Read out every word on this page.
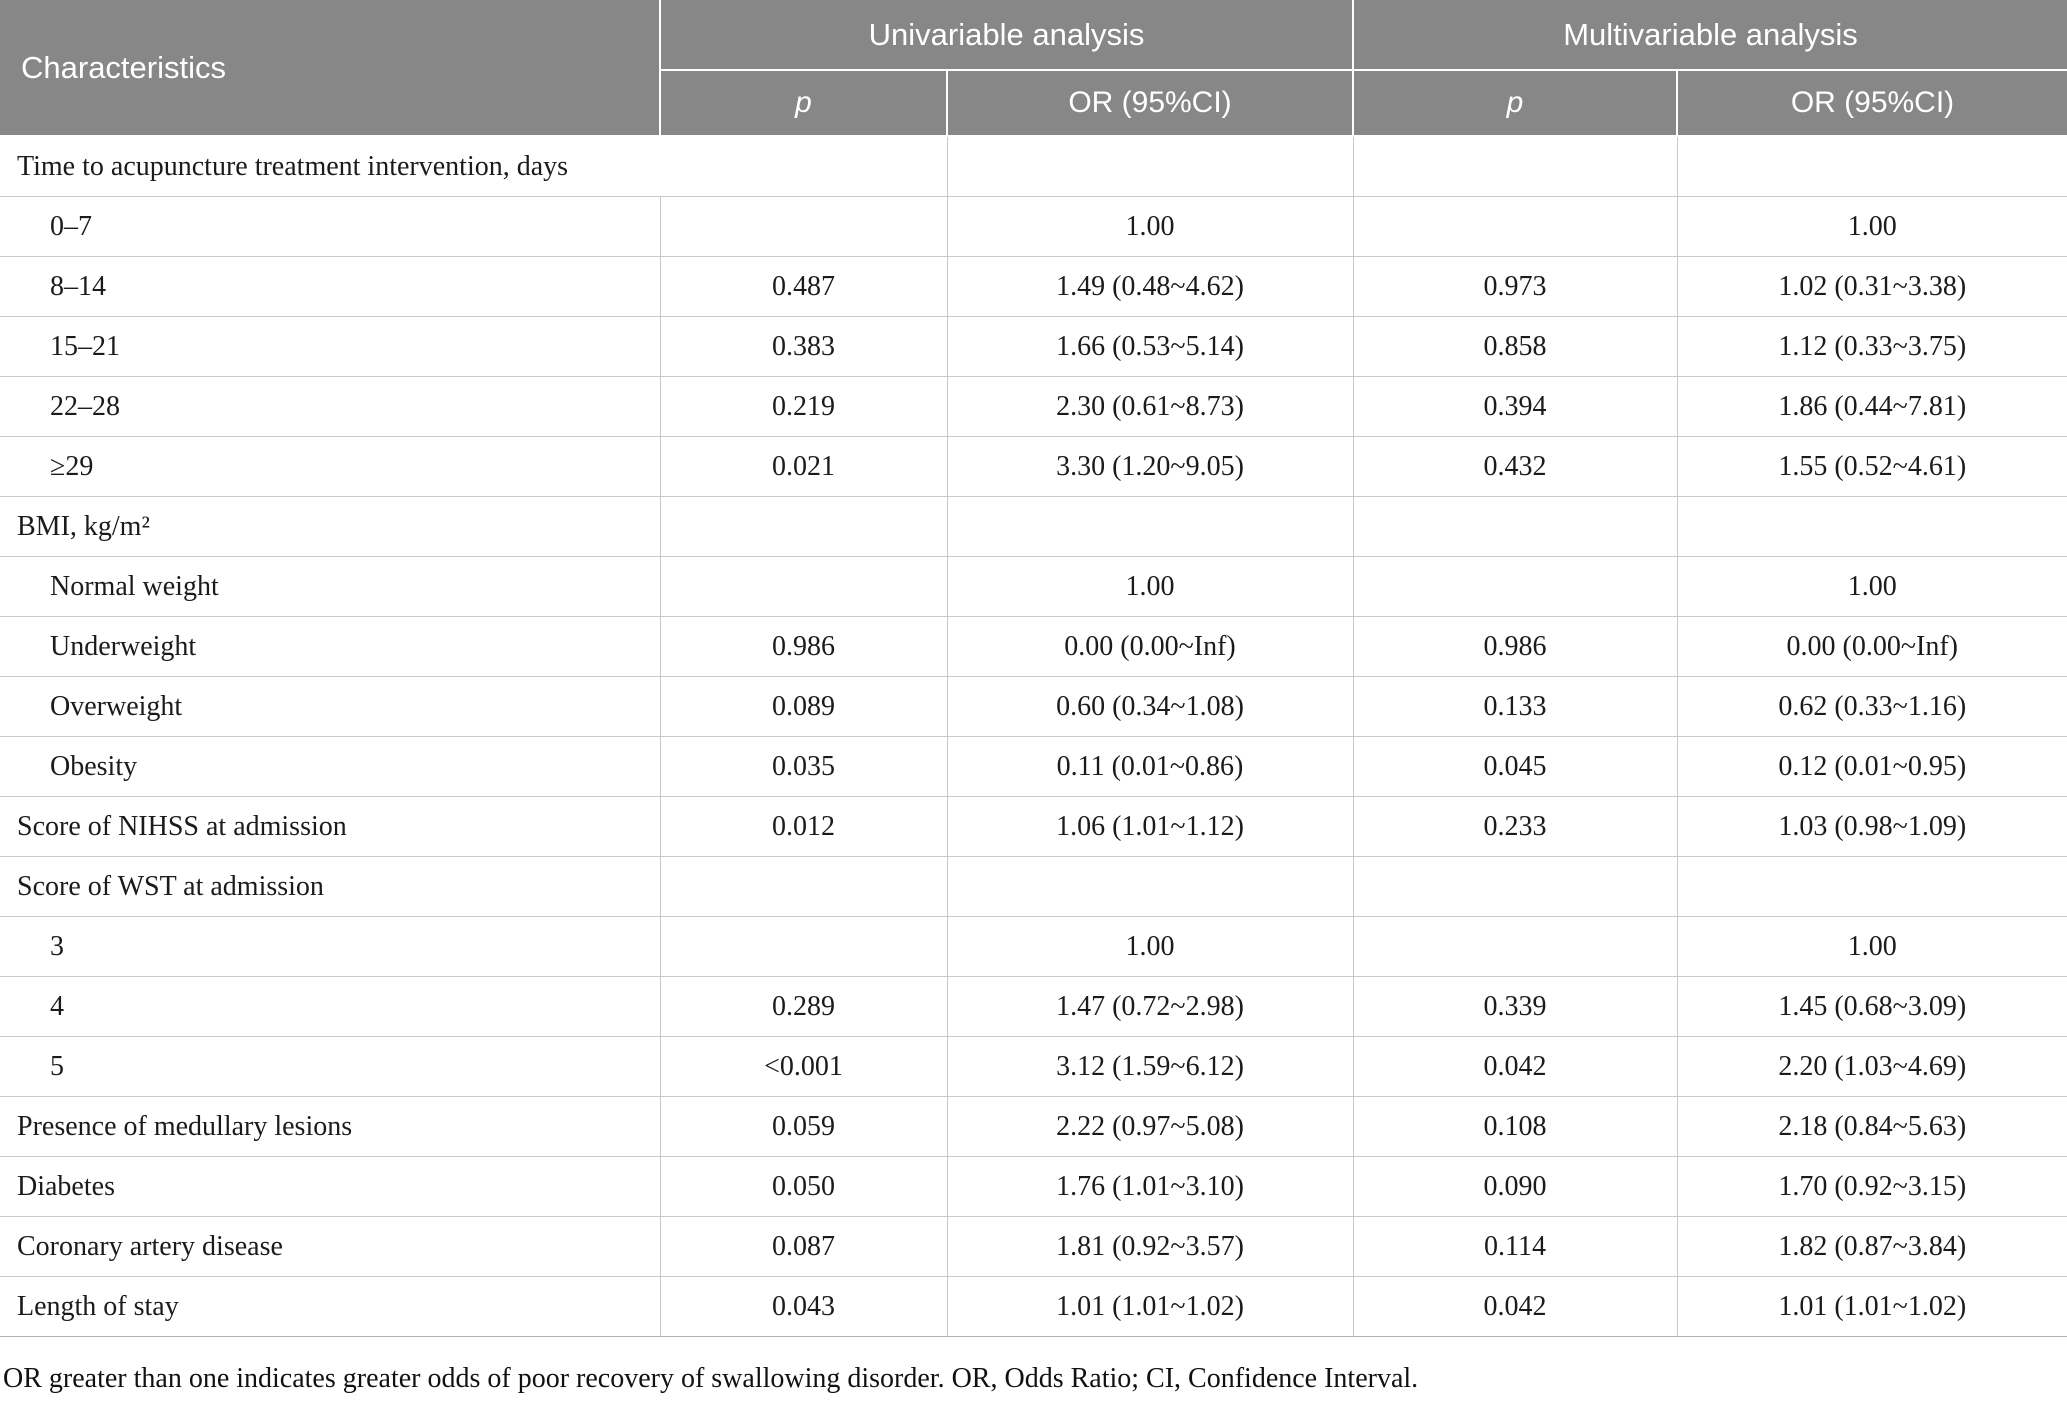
Characteristics	Univariable analysis		Multivariable analysis	
	p	OR (95%CI)	p	OR (95%CI)
Time to acupuncture treatment intervention, days				
0–7		1.00		1.00
8–14	0.487	1.49 (0.48~4.62)	0.973	1.02 (0.31~3.38)
15–21	0.383	1.66 (0.53~5.14)	0.858	1.12 (0.33~3.75)
22–28	0.219	2.30 (0.61~8.73)	0.394	1.86 (0.44~7.81)
≥29	0.021	3.30 (1.20~9.05)	0.432	1.55 (0.52~4.61)
BMI, kg/m²				
Normal weight		1.00		1.00
Underweight	0.986	0.00 (0.00~Inf)	0.986	0.00 (0.00~Inf)
Overweight	0.089	0.60 (0.34~1.08)	0.133	0.62 (0.33~1.16)
Obesity	0.035	0.11 (0.01~0.86)	0.045	0.12 (0.01~0.95)
Score of NIHSS at admission	0.012	1.06 (1.01~1.12)	0.233	1.03 (0.98~1.09)
Score of WST at admission				
3		1.00		1.00
4	0.289	1.47 (0.72~2.98)	0.339	1.45 (0.68~3.09)
5	<0.001	3.12 (1.59~6.12)	0.042	2.20 (1.03~4.69)
Presence of medullary lesions	0.059	2.22 (0.97~5.08)	0.108	2.18 (0.84~5.63)
Diabetes	0.050	1.76 (1.01~3.10)	0.090	1.70 (0.92~3.15)
Coronary artery disease	0.087	1.81 (0.92~3.57)	0.114	1.82 (0.87~3.84)
Length of stay	0.043	1.01 (1.01~1.02)	0.042	1.01 (1.01~1.02)

OR greater than one indicates greater odds of poor recovery of swallowing disorder. OR, Odds Ratio; CI, Confidence Interval.
